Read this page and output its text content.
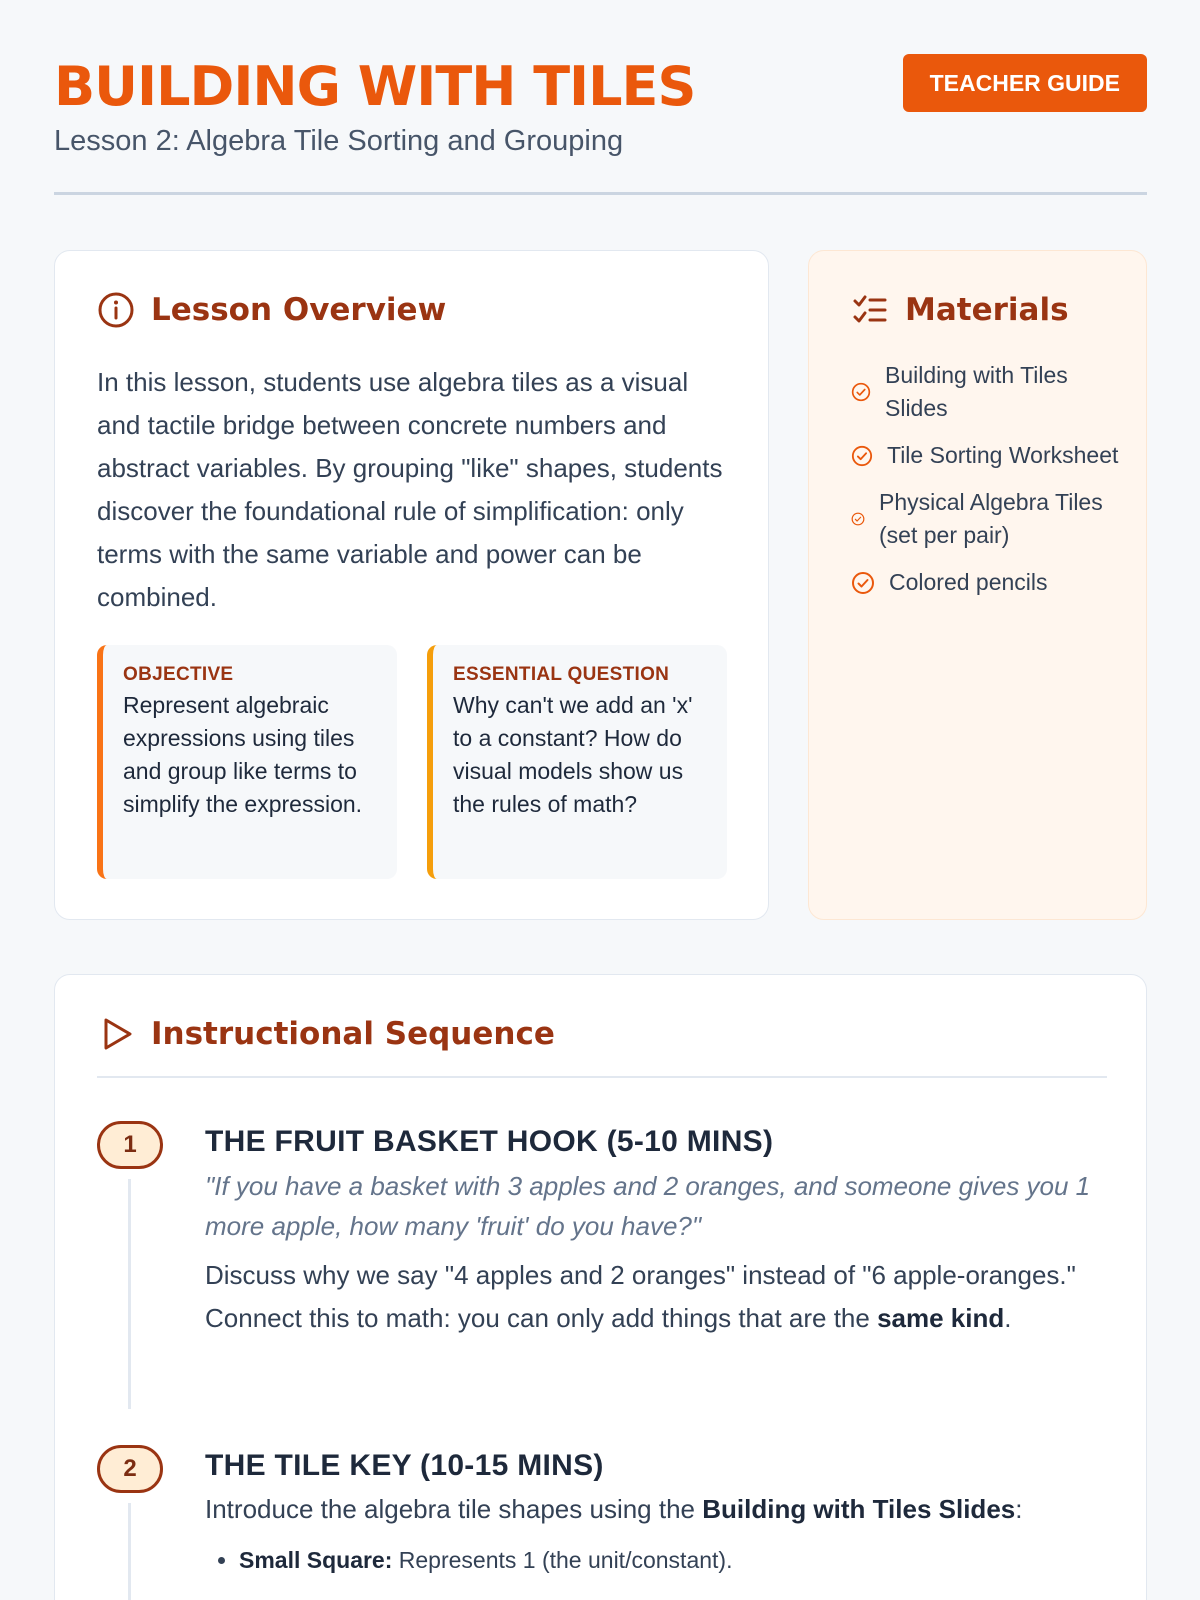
BUILDING WITH TILES
Lesson 2: Algebra Tile Sorting and Grouping
TEACHER GUIDE
Lesson Overview

In this lesson, students use algebra tiles as a visual and tactile bridge between concrete numbers and abstract variables. By grouping "like" shapes, students discover the foundational rule of simplification: only terms with the same variable and power can be combined.

OBJECTIVE
Represent algebraic expressions using tiles and group like terms to simplify the expression.
ESSENTIAL QUESTION
Why can't we add an 'x' to a constant? How do visual models show us the rules of math?
Materials
Building with Tiles Slides
Tile Sorting Worksheet
Physical Algebra Tiles (set per pair)
Colored pencils
Instructional Sequence
1	THE FRUIT BASKET HOOK (5-10 MINS)
"If you have a basket with 3 apples and 2 oranges, and someone gives you 1 more apple, how many 'fruit' do you have?"
Discuss why we say "4 apples and 2 oranges" instead of "6 apple-oranges." Connect this to math: you can only add things that are the same kind.
2	THE TILE KEY (10-15 MINS)
Introduce the algebra tile shapes using the Building with Tiles Slides:
• Small Square: Represents 1 (the unit/constant).
